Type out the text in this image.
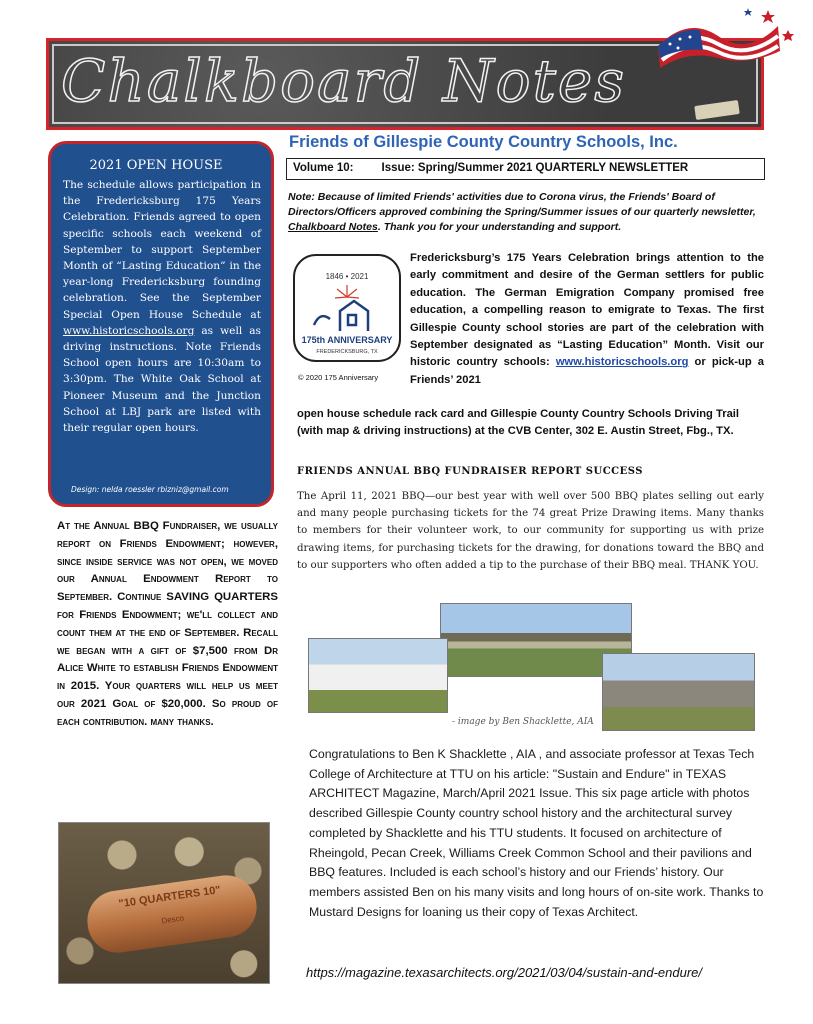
Chalkboard Notes
Friends of Gillespie County Country Schools, Inc.
Volume 10: Issue: Spring/Summer 2021 QUARTERLY NEWSLETTER
Note: Because of limited Friends' activities due to Corona virus, the Friends' Board of Directors/Officers approved combining the Spring/Summer issues of our quarterly newsletter, Chalkboard Notes. Thank you for your understanding and support.
2021 OPEN HOUSE

The schedule allows participation in the Fredericksburg 175 Years Celebration. Friends agreed to open specific schools each weekend of September to support September Month of “Lasting Education” in the year-long Fredericksburg founding celebration. See the September Special Open House Schedule at www.historicschools.org as well as driving instructions. Note Friends School open hours are 10:30am to 3:30pm. The White Oak School at Pioneer Museum and the Junction School at LBJ park are listed with their regular open hours.

Design: nelda roessler rbizniz@gmail.com
At the Annual BBQ Fundraiser, we usually report on Friends Endowment; however, since inside service was not open, we moved our Annual Endowment Report to September. Continue SAVING QUARTERS for Friends Endowment; we'll collect and count them at the end of September. Recall we began with a gift of $7,500 from Dr Alice White to establish Friends Endowment in 2015. Your quarters will help us meet our 2021 Goal of $20,000. So proud of each contribution. many thanks.
"10 QUARTERS 10"
Desco
1846 • 2021
175th ANNIVERSARY
FREDERICKSBURG, TX
© 2020 175 Anniversary
Fredericksburg’s 175 Years Celebration brings attention to the early commitment and desire of the German settlers for public education. The German Emigration Company promised free education, a compelling reason to emigrate to Texas. The first Gillespie County school stories are part of the celebration with September designated as “Lasting Education” Month. Visit our historic country schools: www.historicschools.org or pick-up a Friends’ 2021
open house schedule rack card and Gillespie County Country Schools Driving Trail (with map & driving instructions) at the CVB Center, 302 E. Austin Street, Fbg., TX.
FRIENDS ANNUAL BBQ FUNDRAISER REPORT SUCCESS
The April 11, 2021 BBQ—our best year with well over 500 BBQ plates selling out early and many people purchasing tickets for the 74 great Prize Drawing items. Many thanks to members for their volunteer work, to our community for supporting us with prize drawing items, for purchasing tickets for the drawing, for donations toward the BBQ and to our supporters who often added a tip to the purchase of their BBQ meal. THANK YOU.
- image by Ben Shacklette, AIA
Congratulations to Ben K Shacklette , AIA , and associate professor at Texas Tech College of Architecture at TTU on his article: "Sustain and Endure" in TEXAS ARCHITECT Magazine, March/April 2021 Issue. This six page article with photos described Gillespie County country school history and the architectural survey completed by Shacklette and his TTU students. It focused on architecture of Rheingold, Pecan Creek, Williams Creek Common School and their pavilions and BBQ features. Included is each school’s history and our Friends’ history. Our members assisted Ben on his many visits and long hours of on-site work. Thanks to Mustard Designs for loaning us their copy of Texas Architect.
https://magazine.texasarchitects.org/2021/03/04/sustain-and-endure/
